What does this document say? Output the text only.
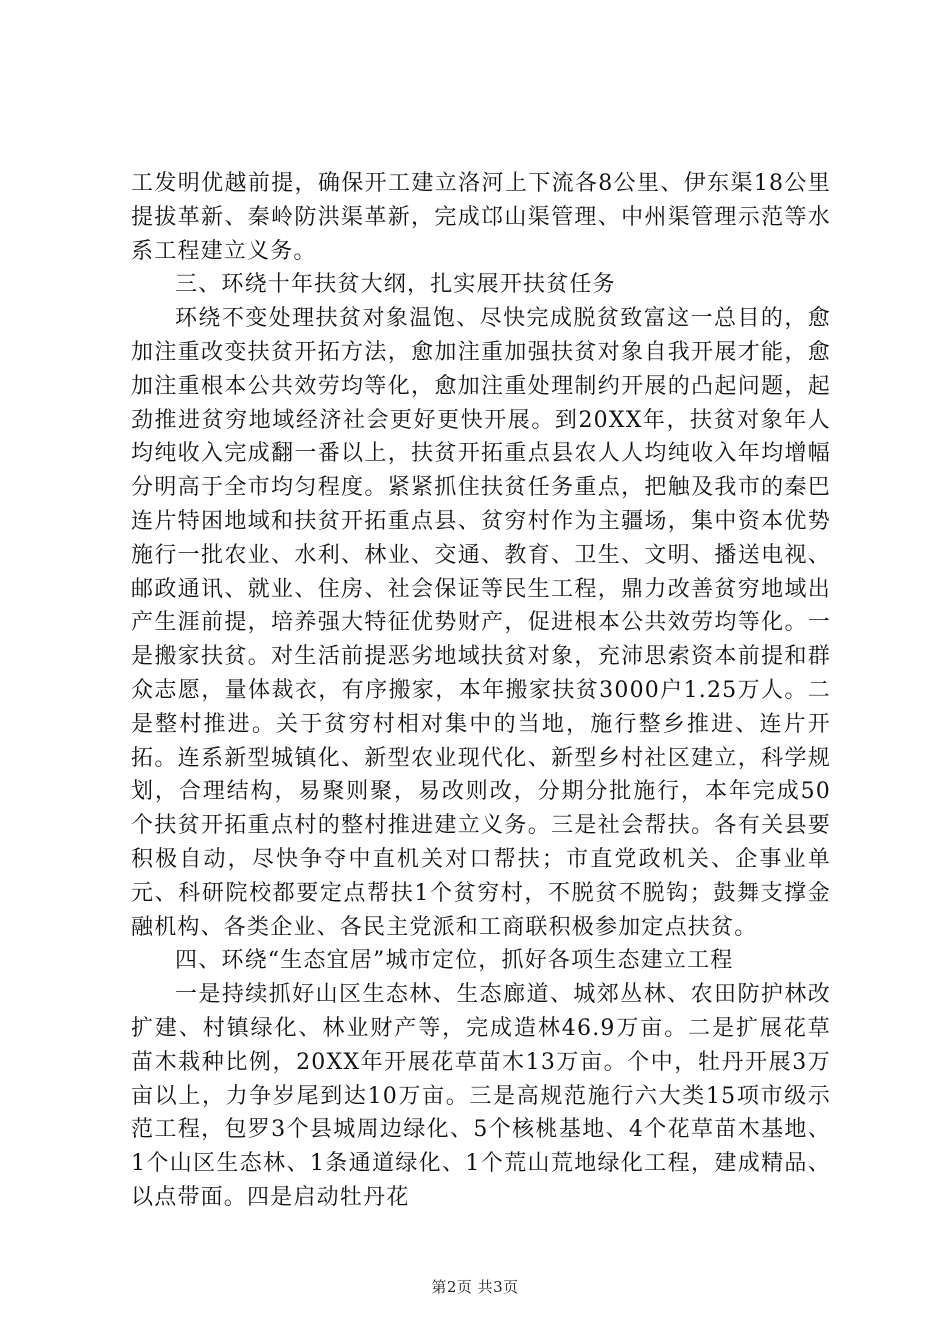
工发明优越前提，确保开工建立洛河上下流各8公里、伊东渠18公里提拔革新、秦岭防洪渠革新，完成邙山渠管理、中州渠管理示范等水系工程建立义务。

三、环绕十年扶贫大纲，扎实展开扶贫任务

环绕不变处理扶贫对象温饱、尽快完成脱贫致富这一总目的，愈加注重改变扶贫开拓方法，愈加注重加强扶贫对象自我开展才能，愈加注重根本公共效劳均等化，愈加注重处理制约开展的凸起问题，起劲推进贫穷地域经济社会更好更快开展。到20XX年，扶贫对象年人均纯收入完成翻一番以上，扶贫开拓重点县农人人均纯收入年均增幅分明高于全市均匀程度。紧紧抓住扶贫任务重点，把触及我市的秦巴连片特困地域和扶贫开拓重点县、贫穷村作为主疆场，集中资本优势施行一批农业、水利、林业、交通、教育、卫生、文明、播送电视、邮政通讯、就业、住房、社会保证等民生工程，鼎力改善贫穷地域出产生涯前提，培养强大特征优势财产，促进根本公共效劳均等化。一是搬家扶贫。对生活前提恶劣地域扶贫对象，充沛思索资本前提和群众志愿，量体裁衣，有序搬家，本年搬家扶贫3000户1.25万人。二是整村推进。关于贫穷村相对集中的当地，施行整乡推进、连片开拓。连系新型城镇化、新型农业现代化、新型乡村社区建立，科学规划，合理结构，易聚则聚，易改则改，分期分批施行，本年完成50个扶贫开拓重点村的整村推进建立义务。三是社会帮扶。各有关县要积极自动，尽快争夺中直机关对口帮扶；市直党政机关、企事业单元、科研院校都要定点帮扶1个贫穷村，不脱贫不脱钩；鼓舞支撑金融机构、各类企业、各民主党派和工商联积极参加定点扶贫。

四、环绕“生态宜居”城市定位，抓好各项生态建立工程

一是持续抓好山区生态林、生态廊道、城郊丛林、农田防护林改扩建、村镇绿化、林业财产等，完成造林46.9万亩。二是扩展花草苗木栽种比例，20XX年开展花草苗木13万亩。个中，牡丹开展3万亩以上，力争岁尾到达10万亩。三是高规范施行六大类15项市级示范工程，包罗3个县城周边绿化、5个核桃基地、4个花草苗木基地、1个山区生态林、1条通道绿化、1个荒山荒地绿化工程，建成精品、以点带面。四是启动牡丹花

第2页 共3页
